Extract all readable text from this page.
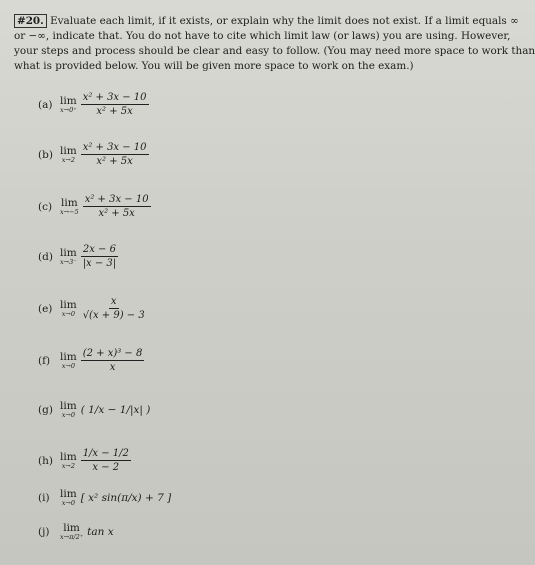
#20. Evaluate each limit, if it exists, or explain why the limit does not exist. If a limit equals ∞
or −∞, indicate that. You do not have to cite which limit law (or laws) you are using. However,
your steps and process should be clear and easy to follow. (You may need more space to work than
what is provided below. You will be given more space to work on the exam.)
(a) lim
$x\to 0^+ \frac{\text{x² + 3x − 10}}{\text{x² + 5x}}$
(b) lim
$x\to 2 \frac{\text{x² + 3x − 10}}{\text{x² + 5x}}$
(c) lim
$x\to-5 \frac{\text{x² + 3x − 10}}{\text{x² + 5x}}$
(d) lim
$x\to 3^- \frac{2x - 6}{|x - 3|}$
(e) lim
$x\to 0 \frac{x}{√(x + 9) - 3}$
(f) lim
$x\to 0 \frac{\text{(2 + x)³ − 8}}{x}$
(g) lim
x→0 ( 1/x − 1/|x| )
(h) lim
$x\to 2 \frac{1/x - 1/2}{x - 2}$
(i) lim
x→0 [ x² sin(π/x) + 7 ]
(j)	lim
x→π/2⁺ tan x
